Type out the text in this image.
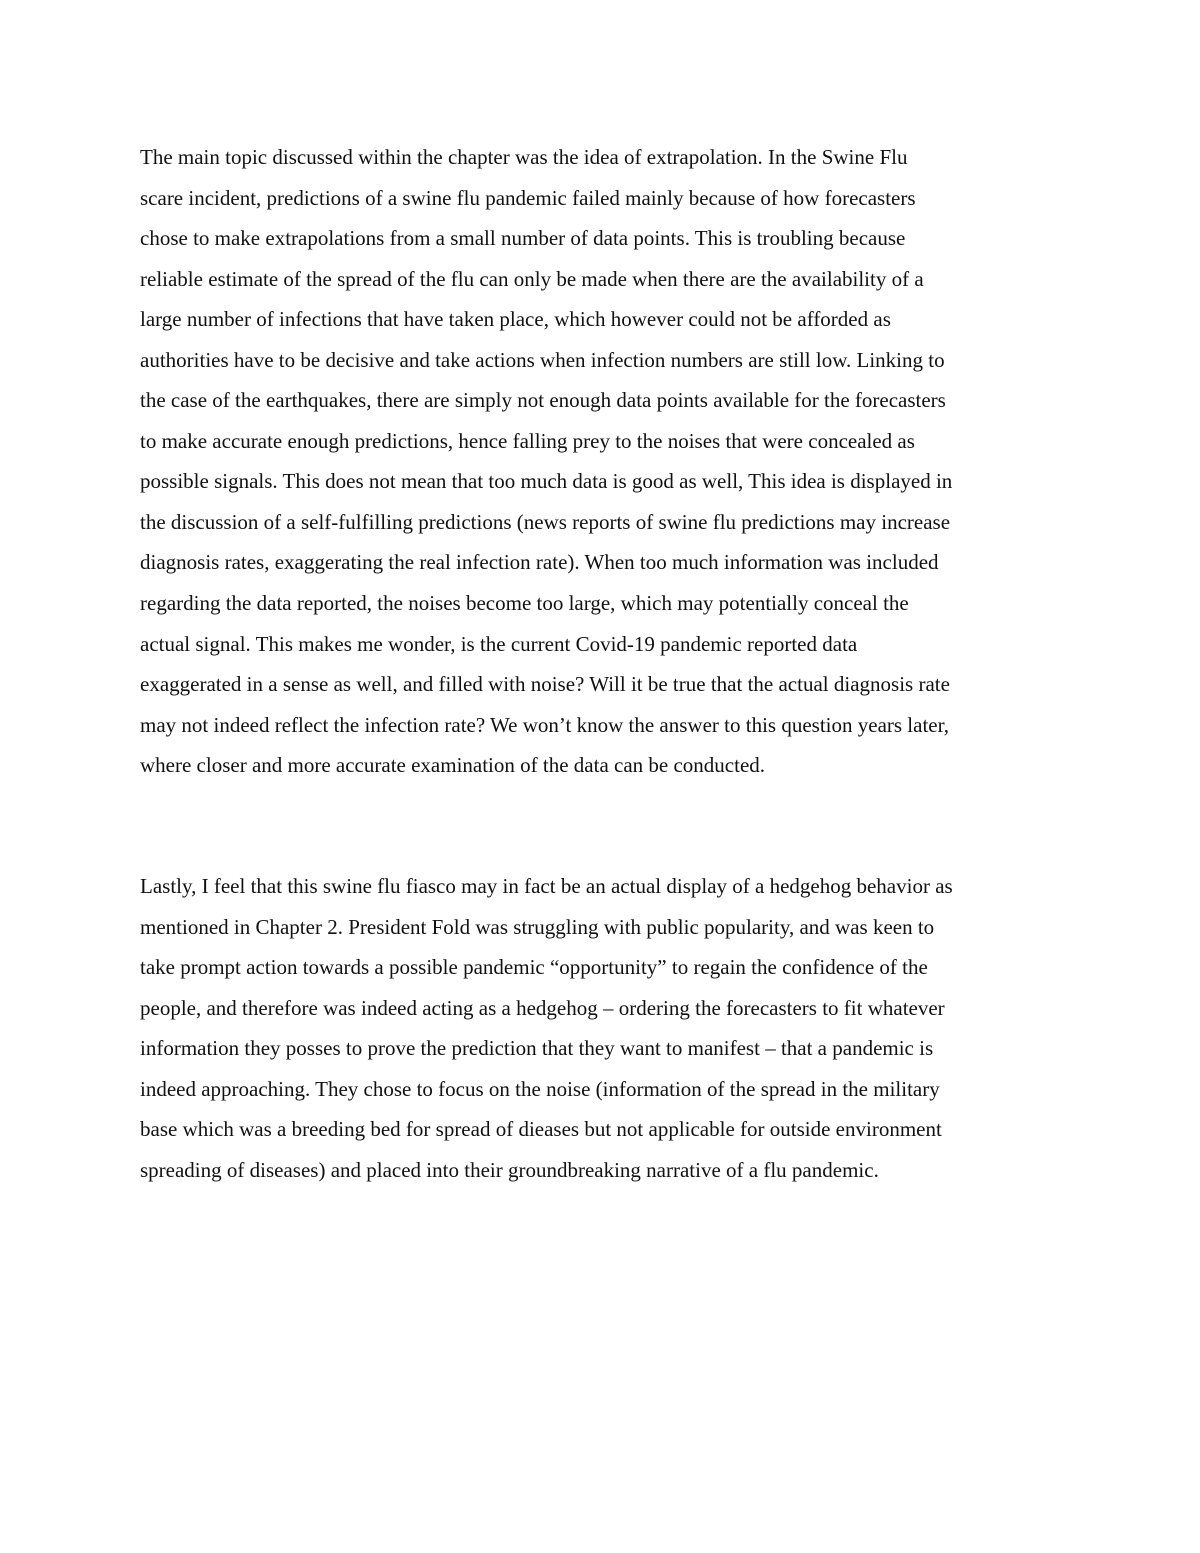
The main topic discussed within the chapter was the idea of extrapolation. In the Swine Flu
scare incident, predictions of a swine flu pandemic failed mainly because of how forecasters
chose to make extrapolations from a small number of data points. This is troubling because
reliable estimate of the spread of the flu can only be made when there are the availability of a
large number of infections that have taken place, which however could not be afforded as
authorities have to be decisive and take actions when infection numbers are still low. Linking to
the case of the earthquakes, there are simply not enough data points available for the forecasters
to make accurate enough predictions, hence falling prey to the noises that were concealed as
possible signals. This does not mean that too much data is good as well, This idea is displayed in
the discussion of a self-fulfilling predictions (news reports of swine flu predictions may increase
diagnosis rates, exaggerating the real infection rate). When too much information was included
regarding the data reported, the noises become too large, which may potentially conceal the
actual signal. This makes me wonder, is the current Covid-19 pandemic reported data
exaggerated in a sense as well, and filled with noise? Will it be true that the actual diagnosis rate
may not indeed reflect the infection rate? We won’t know the answer to this question years later,
where closer and more accurate examination of the data can be conducted.
Lastly, I feel that this swine flu fiasco may in fact be an actual display of a hedgehog behavior as
mentioned in Chapter 2. President Fold was struggling with public popularity, and was keen to
take prompt action towards a possible pandemic “opportunity” to regain the confidence of the
people, and therefore was indeed acting as a hedgehog – ordering the forecasters to fit whatever
information they posses to prove the prediction that they want to manifest – that a pandemic is
indeed approaching. They chose to focus on the noise (information of the spread in the military
base which was a breeding bed for spread of dieases but not applicable for outside environment
spreading of diseases) and placed into their groundbreaking narrative of a flu pandemic.
